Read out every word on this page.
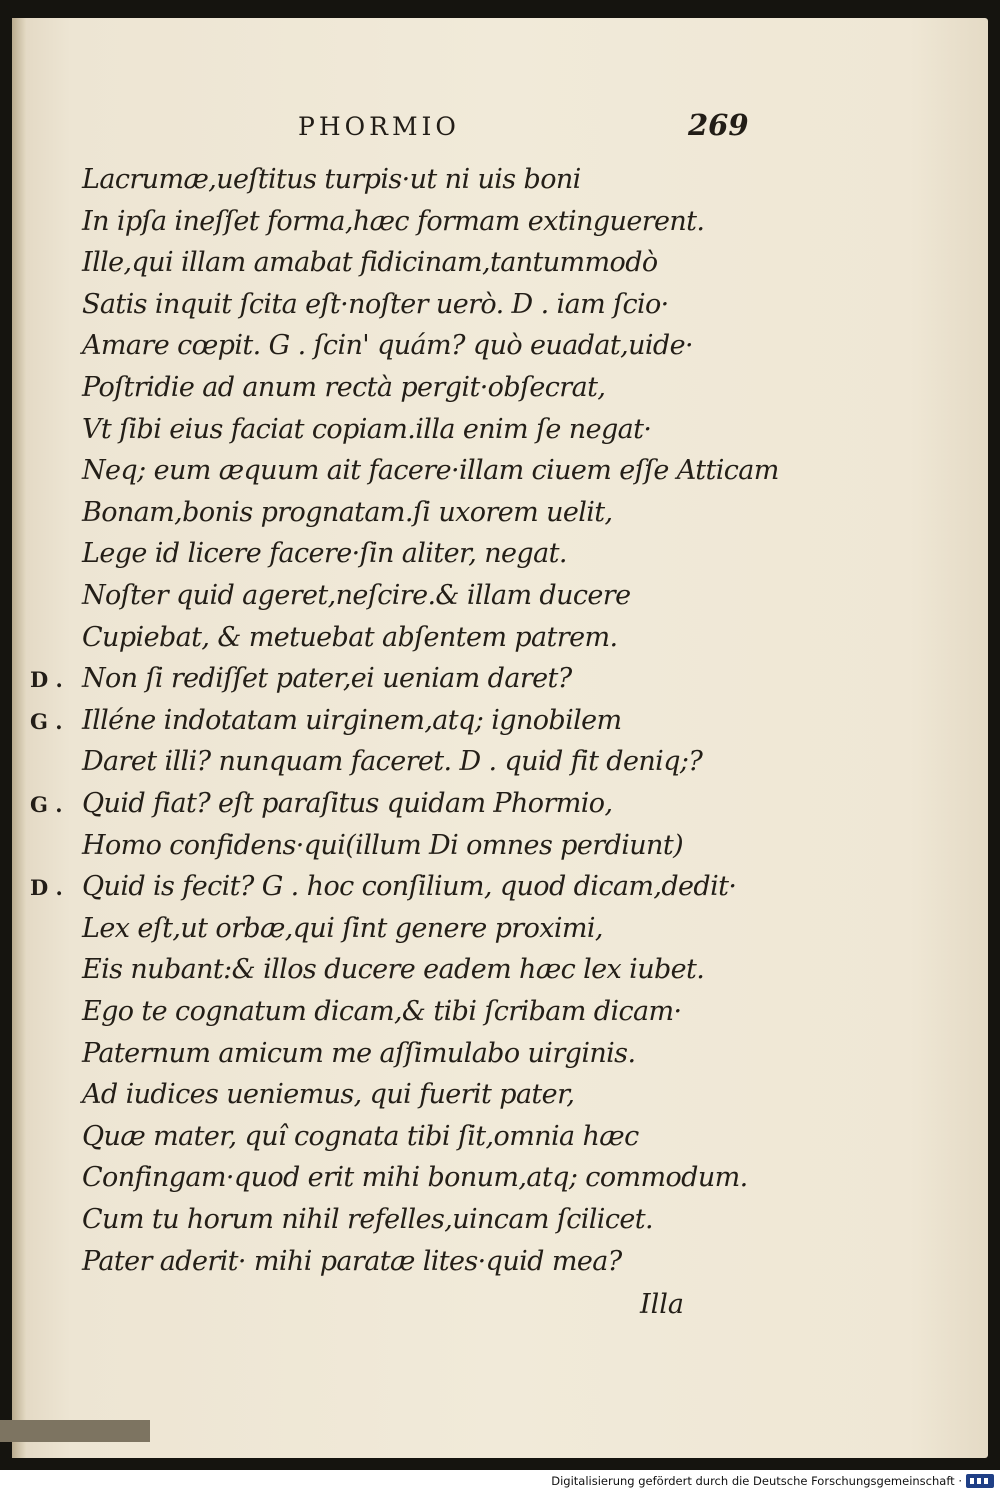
PHORMIO	269
Lacrumæ,ueſtitus turpis·ut ni uis boni
In ipſa ineſſet forma,hæc formam extinguerent.
Ille,qui illam amabat fidicinam,tantummodò
Satis inquit ſcita eſt·noſter uerò. D . iam ſcio·
Amare cœpit. G . ſcin' quám? quò euadat,uide·
Poſtridie ad anum rectà pergit·obſecrat,
Vt ſibi eius faciat copiam.illa enim ſe negat·
Neq; eum æquum ait facere·illam ciuem eſſe Atticam
Bonam,bonis prognatam.ſi uxorem uelit,
Lege id licere facere·ſin aliter, negat.
Noſter quid ageret,neſcire.& illam ducere
Cupiebat, & metuebat abſentem patrem.
D . Non ſi rediſſet pater,ei ueniam daret?
G . Illéne indotatam uirginem,atq; ignobilem
Daret illi? nunquam faceret. D . quid fit deniq;?
G . Quid fiat? eſt paraſitus quidam Phormio,
Homo confidens·qui(illum Di omnes perdiunt)
D . Quid is fecit? G . hoc conſilium, quod dicam,dedit·
Lex eſt,ut orbæ,qui ſint genere proximi,
Eis nubant:& illos ducere eadem hæc lex iubet.
Ego te cognatum dicam,& tibi ſcribam dicam·
Paternum amicum me aſſimulabo uirginis.
Ad iudices ueniemus, qui fuerit pater,
Quæ mater, quî cognata tibi ſit,omnia hæc
Confingam·quod erit mihi bonum,atq; commodum.
Cum tu horum nihil refelles,uincam ſcilicet.
Pater aderit· mihi paratæ lites·quid mea?
Illa
Digitalisierung gefördert durch die Deutsche Forschungsgemeinschaft ·
